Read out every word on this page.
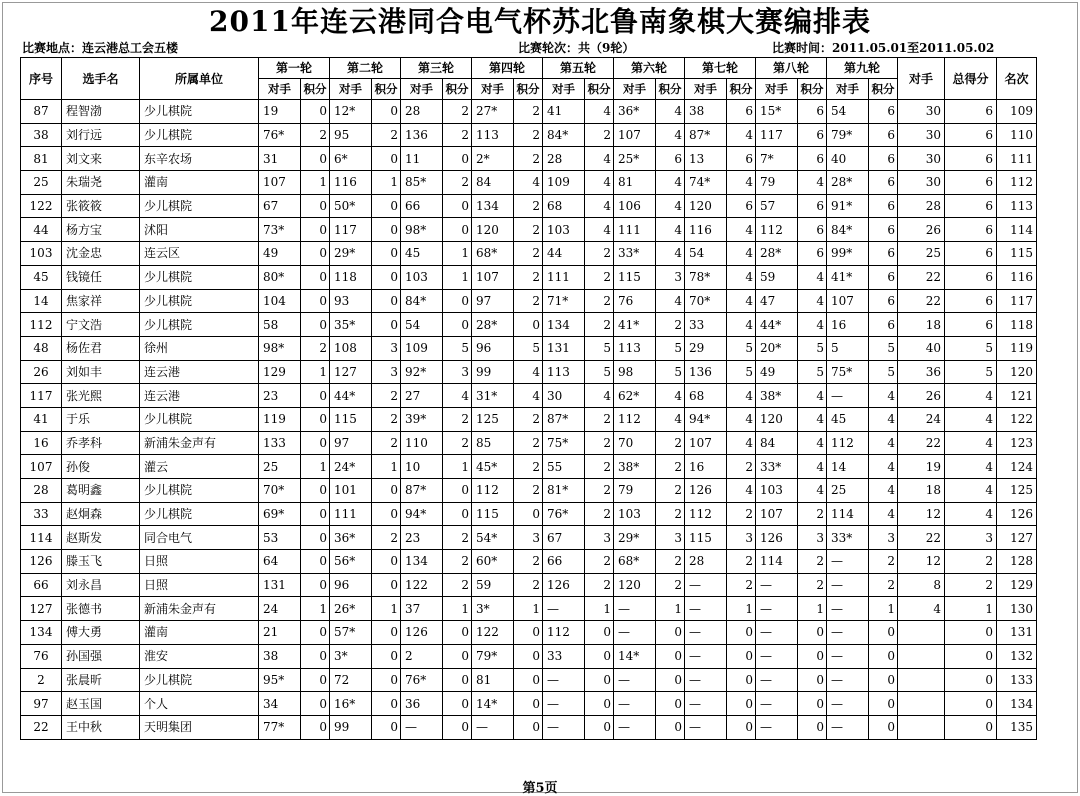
2011年连云港同合电气杯苏北鲁南象棋大赛编排表
比赛地点：连云港总工会五楼	比赛轮次：共（9轮）	比赛时间：2011.05.01至2011.05.02
序号	选手名	所属单位	第一轮		第二轮		第三轮		第四轮		第五轮		第六轮		第七轮		第八轮		第九轮		对手	总得分	名次
			对手	积分	对手	积分	对手	积分	对手	积分	对手	积分	对手	积分	对手	积分	对手	积分	对手	积分			
87	程智渤	少儿棋院	19	0	12*	0	28	2	27*	2	41	4	36*	4	38	6	15*	6	54	6	30	6	109
38	刘行远	少儿棋院	76*	2	95	2	136	2	113	2	84*	2	107	4	87*	4	117	6	79*	6	30	6	110
81	刘文来	东辛农场	31	0	6*	0	11	0	2*	2	28	4	25*	6	13	6	7*	6	40	6	30	6	111
25	朱瑞尧	灌南	107	1	116	1	85*	2	84	4	109	4	81	4	74*	4	79	4	28*	6	30	6	112
122	张筱筱	少儿棋院	67	0	50*	0	66	0	134	2	68	4	106	4	120	6	57	6	91*	6	28	6	113
44	杨方宝	沭阳	73*	0	117	0	98*	0	120	2	103	4	111	4	116	4	112	6	84*	6	26	6	114
103	沈金忠	连云区	49	0	29*	0	45	1	68*	2	44	2	33*	4	54	4	28*	6	99*	6	25	6	115
45	钱镜任	少儿棋院	80*	0	118	0	103	1	107	2	111	2	115	3	78*	4	59	4	41*	6	22	6	116
14	焦家祥	少儿棋院	104	0	93	0	84*	0	97	2	71*	2	76	4	70*	4	47	4	107	6	22	6	117
112	宁文浩	少儿棋院	58	0	35*	0	54	0	28*	0	134	2	41*	2	33	4	44*	4	16	6	18	6	118
48	杨佐君	徐州	98*	2	108	3	109	5	96	5	131	5	113	5	29	5	20*	5	5	5	40	5	119
26	刘如丰	连云港	129	1	127	3	92*	3	99	4	113	5	98	5	136	5	49	5	75*	5	36	5	120
117	张光熙	连云港	23	0	44*	2	27	4	31*	4	30	4	62*	4	68	4	38*	4	—	4	26	4	121
41	于乐	少儿棋院	119	0	115	2	39*	2	125	2	87*	2	112	4	94*	4	120	4	45	4	24	4	122
16	乔孝科	新浦朱金声有	133	0	97	2	110	2	85	2	75*	2	70	2	107	4	84	4	112	4	22	4	123
107	孙俊	灌云	25	1	24*	1	10	1	45*	2	55	2	38*	2	16	2	33*	4	14	4	19	4	124
28	葛明鑫	少儿棋院	70*	0	101	0	87*	0	112	2	81*	2	79	2	126	4	103	4	25	4	18	4	125
33	赵炯森	少儿棋院	69*	0	111	0	94*	0	115	0	76*	2	103	2	112	2	107	2	114	4	12	4	126
114	赵斯发	同合电气	53	0	36*	2	23	2	54*	3	67	3	29*	3	115	3	126	3	33*	3	22	3	127
126	滕玉飞	日照	64	0	56*	0	134	2	60*	2	66	2	68*	2	28	2	114	2	—	2	12	2	128
66	刘永昌	日照	131	0	96	0	122	2	59	2	126	2	120	2	—	2	—	2	—	2	8	2	129
127	张德书	新浦朱金声有	24	1	26*	1	37	1	3*	1	—	1	—	1	—	1	—	1	—	1	4	1	130
134	傅大勇	灌南	21	0	57*	0	126	0	122	0	112	0	—	0	—	0	—	0	—	0		0	131
76	孙国强	淮安	38	0	3*	0	2	0	79*	0	33	0	14*	0	—	0	—	0	—	0		0	132
2	张晨昕	少儿棋院	95*	0	72	0	76*	0	81	0	—	0	—	0	—	0	—	0	—	0		0	133
97	赵玉国	个人	34	0	16*	0	36	0	14*	0	—	0	—	0	—	0	—	0	—	0		0	134
22	王中秋	天明集团	77*	0	99	0	—	0	—	0	—	0	—	0	—	0	—	0	—	0		0	135
第5页
